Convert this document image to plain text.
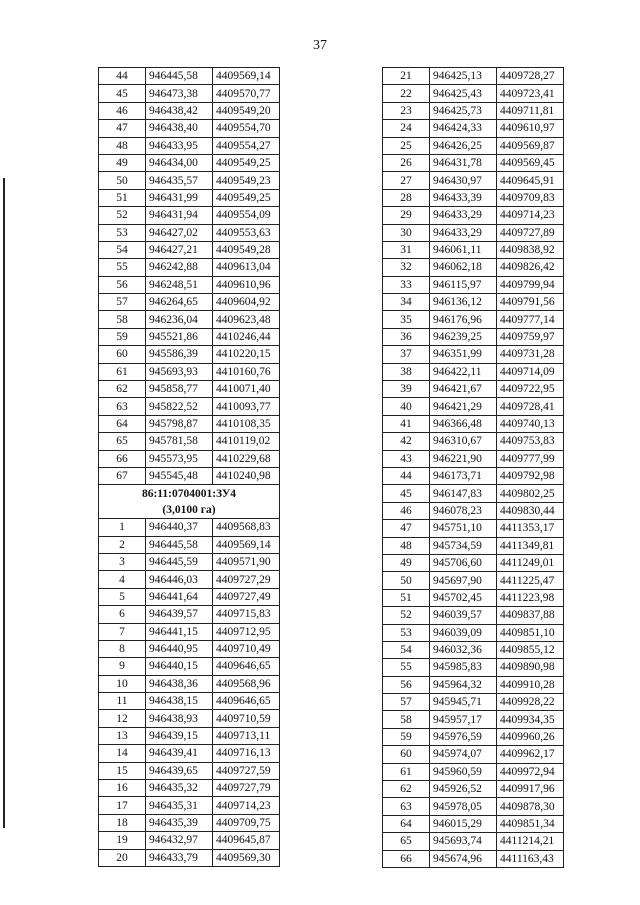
37
44	946445,58	4409569,14
45	946473,38	4409570,77
46	946438,42	4409549,20
47	946438,40	4409554,70
48	946433,95	4409554,27
49	946434,00	4409549,25
50	946435,57	4409549,23
51	946431,99	4409549,25
52	946431,94	4409554,09
53	946427,02	4409553,63
54	946427,21	4409549,28
55	946242,88	4409613,04
56	946248,51	4409610,96
57	946264,65	4409604,92
58	946236,04	4409623,48
59	945521,86	4410246,44
60	945586,39	4410220,15
61	945693,93	4410160,76
62	945858,77	4410071,40
63	945822,52	4410093,77
64	945798,87	4410108,35
65	945781,58	4410119,02
66	945573,95	4410229,68
67	945545,48	4410240,98
86:11:0704001:ЗУ4		
(3,0100 га)		
1	946440,37	4409568,83
2	946445,58	4409569,14
3	946445,59	4409571,90
4	946446,03	4409727,29
5	946441,64	4409727,49
6	946439,57	4409715,83
7	946441,15	4409712,95
8	946440,95	4409710,49
9	946440,15	4409646,65
10	946438,36	4409568,96
11	946438,15	4409646,65
12	946438,93	4409710,59
13	946439,15	4409713,11
14	946439,41	4409716,13
15	946439,65	4409727,59
16	946435,32	4409727,79
17	946435,31	4409714,23
18	946435,39	4409709,75
19	946432,97	4409645,87
20	946433,79	4409569,30
21	946425,13	4409728,27
22	946425,43	4409723,41
23	946425,73	4409711,81
24	946424,33	4409610,97
25	946426,25	4409569,87
26	946431,78	4409569,45
27	946430,97	4409645,91
28	946433,39	4409709,83
29	946433,29	4409714,23
30	946433,29	4409727,89
31	946061,11	4409838,92
32	946062,18	4409826,42
33	946115,97	4409799,94
34	946136,12	4409791,56
35	946176,96	4409777,14
36	946239,25	4409759,97
37	946351,99	4409731,28
38	946422,11	4409714,09
39	946421,67	4409722,95
40	946421,29	4409728,41
41	946366,48	4409740,13
42	946310,67	4409753,83
43	946221,90	4409777,99
44	946173,71	4409792,98
45	946147,83	4409802,25
46	946078,23	4409830,44
47	945751,10	4411353,17
48	945734,59	4411349,81
49	945706,60	4411249,01
50	945697,90	4411225,47
51	945702,45	4411223,98
52	946039,57	4409837,88
53	946039,09	4409851,10
54	946032,36	4409855,12
55	945985,83	4409890,98
56	945964,32	4409910,28
57	945945,71	4409928,22
58	945957,17	4409934,35
59	945976,59	4409960,26
60	945974,07	4409962,17
61	945960,59	4409972,94
62	945926,52	4409917,96
63	945978,05	4409878,30
64	946015,29	4409851,34
65	945693,74	4411214,21
66	945674,96	4411163,43
